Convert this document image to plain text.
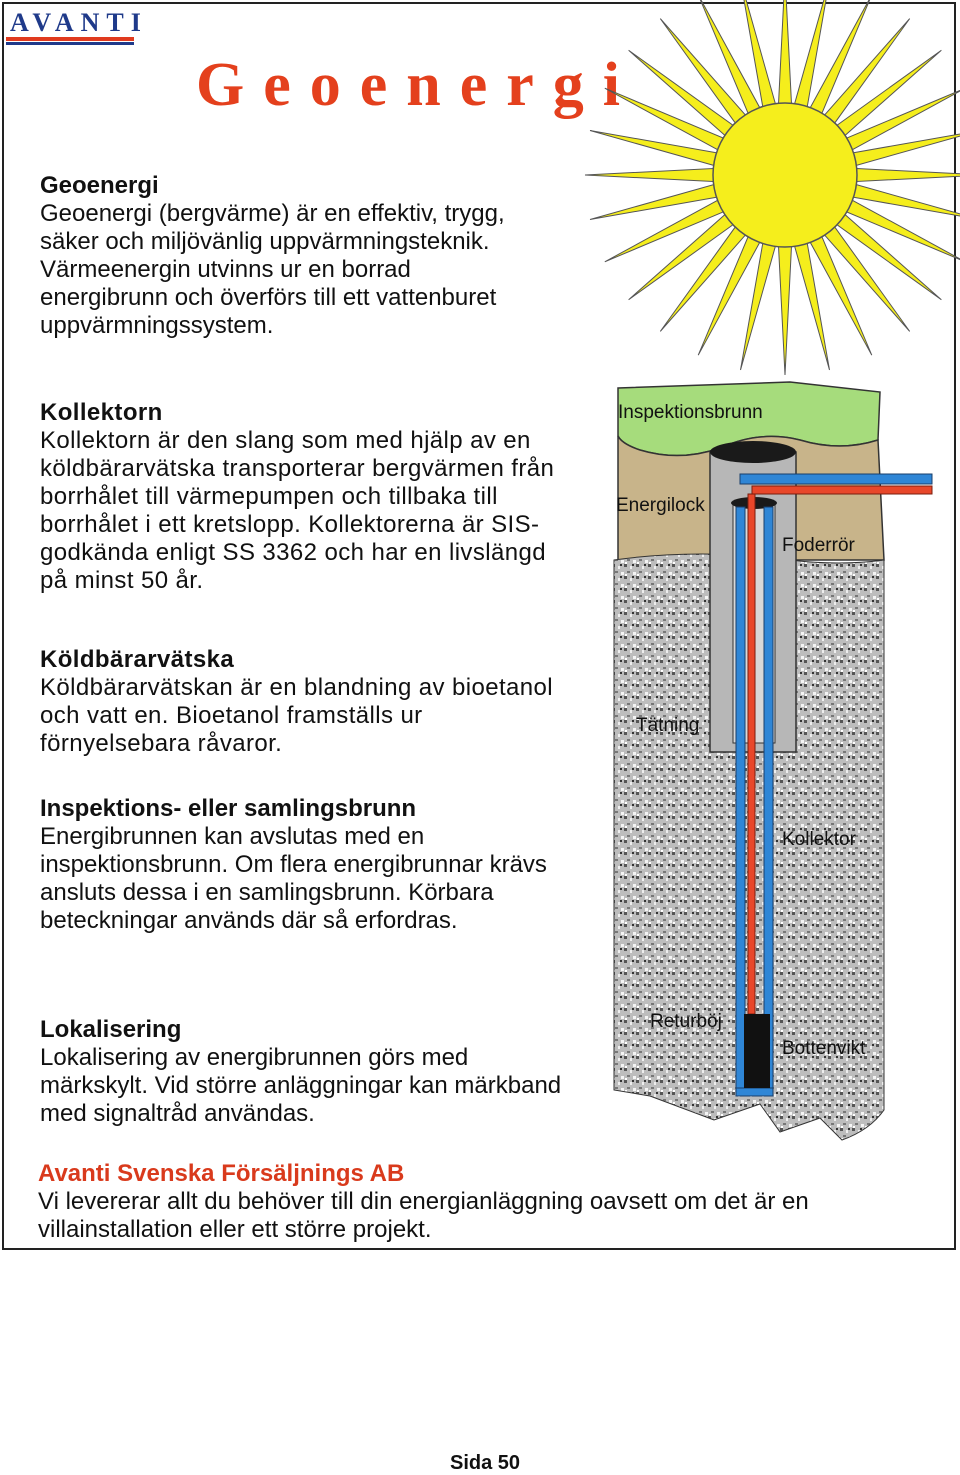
AVANTI
Geoenergi
Inspektionsbrunn
Energilock
Foderrör
Tätning
Kollektor
Returböj
Bottenvikt
Geoenergi

Geoenergi (bergvärme) är en effektiv, trygg, säker och miljövänlig uppvärmningsteknik. Värmeenergin utvinns ur en borrad energibrunn och överförs till ett vattenburet uppvärmningssystem.

Kollektorn

Kollektorn är den slang som med hjälp av en köldbärarvätska transporterar bergvärmen från borrhålet till värmepumpen och tillbaka till borrhålet i ett kretslopp. Kollektorerna är SIS-godkända enligt SS 3362 och har en livslängd på minst 50 år.

Köldbärarvätska

Köldbärarvätskan är en blandning av bioetanol och vatt en. Bioetanol framställs ur förnyelsebara råvaror.

Inspektions- eller samlingsbrunn

Energibrunnen kan avslutas med en inspektionsbrunn. Om flera energibrunnar krävs ansluts dessa i en samlingsbrunn. Körbara beteckningar används där så erfordras.

Lokalisering

Lokalisering av energibrunnen görs med märkskylt. Vid större anläggningar kan märkband med signaltråd användas.

Avanti Svenska Försäljnings AB

Vi levererar allt du behöver till din energianläggning oavsett om det är en villainstallation eller ett större projekt.

Sida 50
